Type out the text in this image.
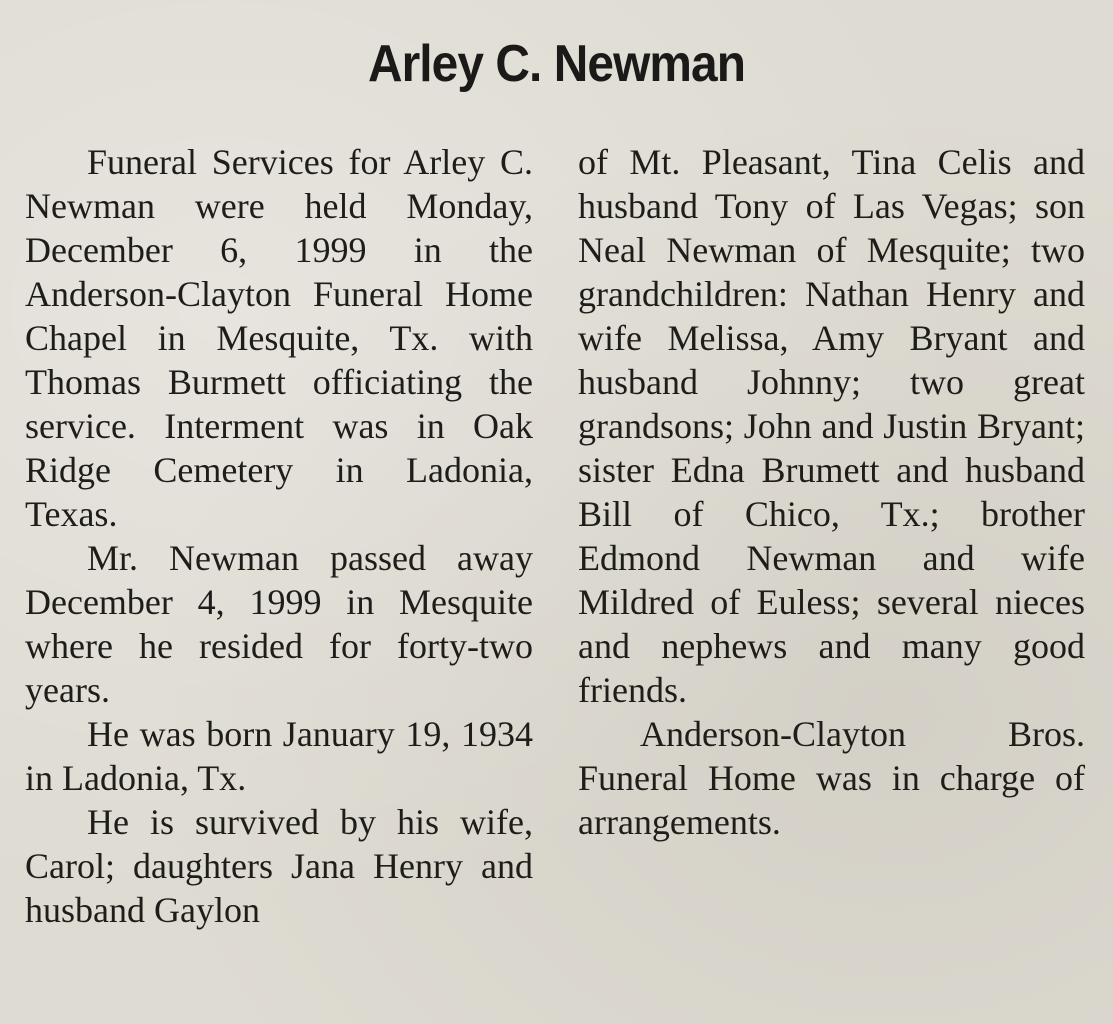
Arley C. Newman

Funeral Services for Arley C. Newman were held Monday, December 6, 1999 in the Anderson-Clayton Funeral Home Chapel in Mesquite, Tx. with Thomas Burmett officiating the service. Interment was in Oak Ridge Cemetery in Ladonia, Texas.

Mr. Newman passed away December 4, 1999 in Mesquite where he resided for forty-two years.

He was born January 19, 1934 in Ladonia, Tx.

He is survived by his wife, Carol; daughters Jana Henry and husband Gaylon

of Mt. Pleasant, Tina Celis and husband Tony of Las Vegas; son Neal Newman of Mesquite; two grandchildren: Nathan Henry and wife Melissa, Amy Bryant and husband Johnny; two great grandsons; John and Justin Bryant; sister Edna Brumett and husband Bill of Chico, Tx.; brother Edmond Newman and wife Mildred of Euless; several nieces and nephews and many good friends.

Anderson-Clayton Bros. Funeral Home was in charge of arrangements.
